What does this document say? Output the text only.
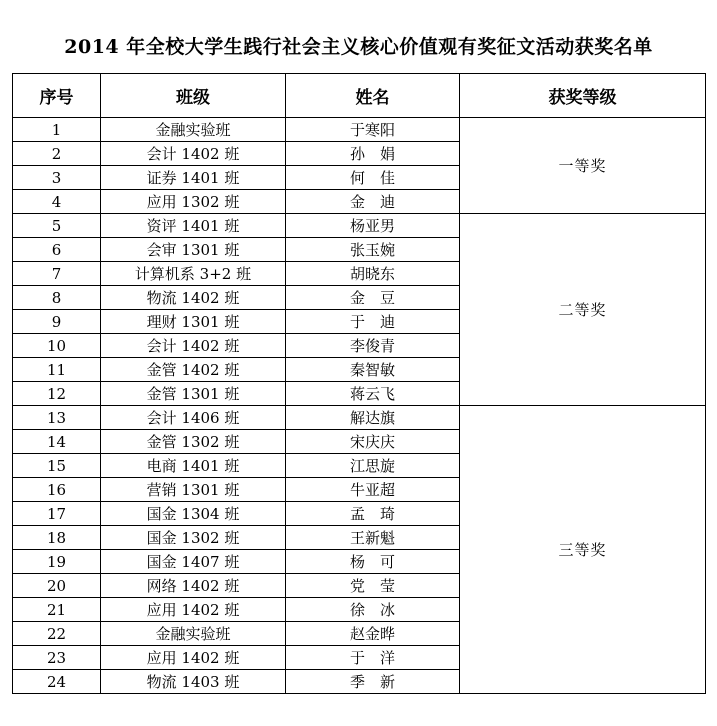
2014 年全校大学生践行社会主义核心价值观有奖征文活动获奖名单
序号	班级	姓名	获奖等级
1	金融实验班	于寒阳	一等奖
2	会计 1402 班	孙　娟	
3	证券 1401 班	何　佳	
4	应用 1302 班	金　迪	
5	资评 1401 班	杨亚男	二等奖
6	会审 1301 班	张玉婉	
7	计算机系 3+2 班	胡晓东	
8	物流 1402 班	金　豆	
9	理财 1301 班	于　迪	
10	会计 1402 班	李俊青	
11	金管 1402 班	秦智敏	
12	金管 1301 班	蒋云飞	
13	会计 1406 班	解达旗	三等奖
14	金管 1302 班	宋庆庆	
15	电商 1401 班	江思旋	
16	营销 1301 班	牛亚超	
17	国金 1304 班	孟　琦	
18	国金 1302 班	王新魁	
19	国金 1407 班	杨　可	
20	网络 1402 班	党　莹	
21	应用 1402 班	徐　冰	
22	金融实验班	赵金晔	
23	应用 1402 班	于　洋	
24	物流 1403 班	季　新	
